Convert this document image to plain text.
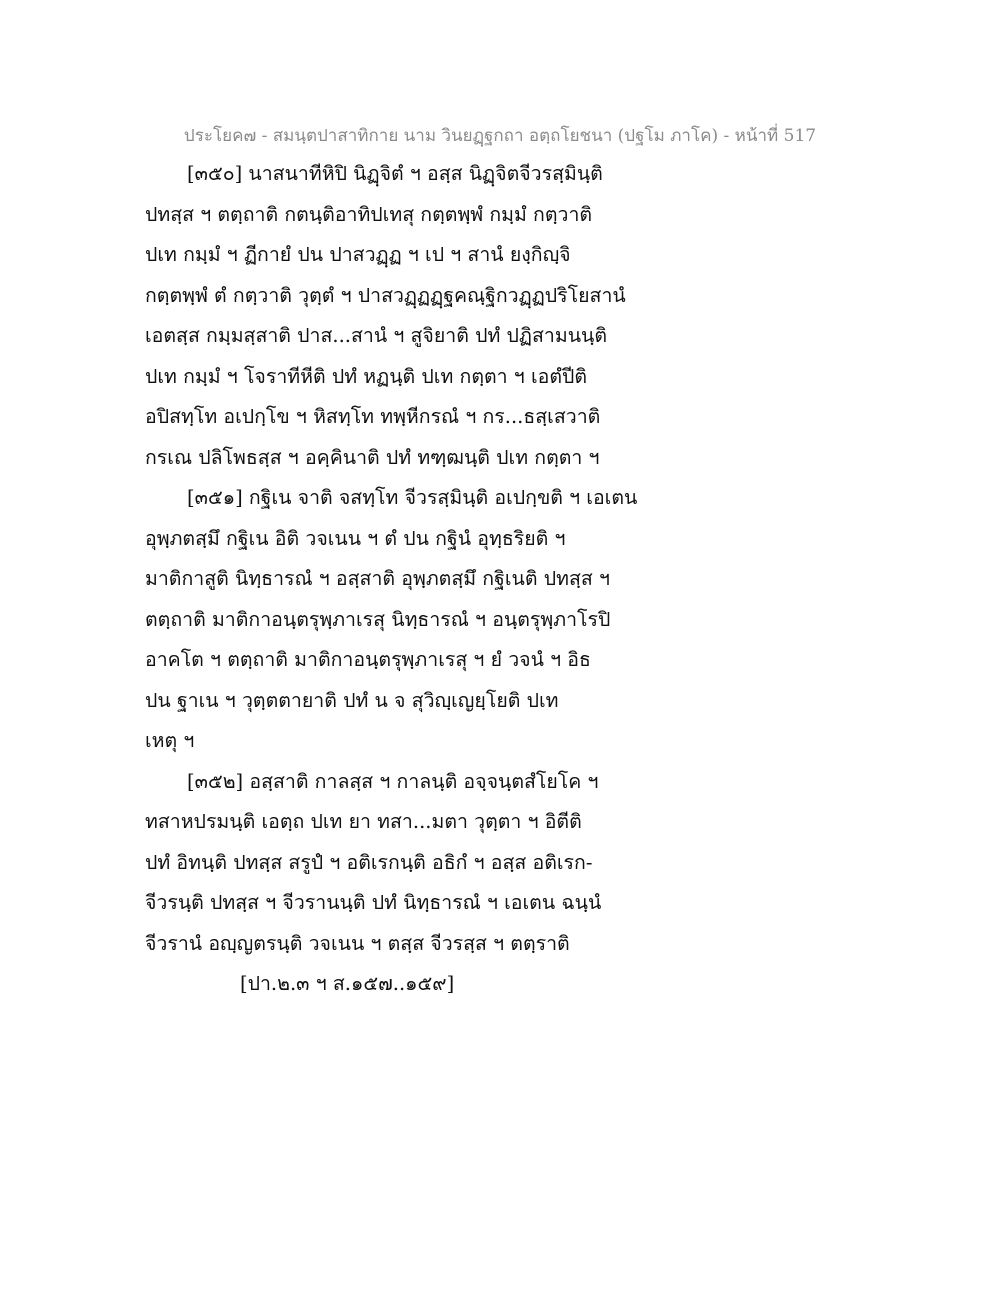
ประโยค๗ - สมนฺตปาสาทิกาย นาม วินยฏฺฐกถา อตฺถโยชนา (ปฐโม ภาโค) - หน้าที่ 517
[๓๕๐] นาสนาทีหิปิ นิฏฺจิตํ ฯ อสฺส นิฏฺจิตจีวรสฺมินฺติ
ปทสฺส ฯ ตตฺถาติ กตนฺติอาทิปเทสุ กตฺตพฺพํ กมฺมํ กตฺวาติ
ปเท กมฺมํ ฯ ฏีกายํ ปน ปาสวฏฺฏ ฯ เป ฯ สานํ ยงฺกิญฺจิ
กตฺตพฺพํ ตํ กตฺวาติ วุตฺตํ ฯ ปาสวฏฺฏฏฺฐคณฺฐิกวฏฺฏปริโยสานํ
เอตสฺส กมฺมสฺสาติ ปาส...สานํ ฯ สูจิยาติ ปทํ ปฏิสามนนฺติ
ปเท กมฺมํ ฯ โจราทีหีติ ปทํ หฏนฺติ ปเท กตฺตา ฯ เอตํปีติ
อปิสทฺโท อเปกฺโข ฯ หิสทฺโท ทพฺหีกรณํ ฯ กร...ธสฺเสวาติ
กรเณ ปลิโพธสฺส ฯ อคฺคินาติ ปทํ ทฑฺฒนฺติ ปเท กตฺตา ฯ
[๓๕๑] กฐิเน จาติ จสทฺโท จีวรสฺมินฺติ อเปกฺขติ ฯ เอเตน
อุพฺภตสฺมึ กฐิเน อิติ วจเนน ฯ ตํ ปน กฐินํ อุทฺธริยติ ฯ
มาติกาสูติ นิทฺธารณํ ฯ อสฺสาติ อุพฺภตสฺมึ กฐิเนติ ปทสฺส ฯ
ตตฺถาติ มาติกาอนฺตรุพฺภาเรสุ นิทฺธารณํ ฯ อนฺตรุพฺภาโรปิ
อาคโต ฯ ตตฺถาติ มาติกาอนฺตรุพฺภาเรสุ ฯ ยํ วจนํ ฯ อิธ
ปน ฐาเน ฯ วุตฺตตายาติ ปทํ น จ สุวิญฺเญยฺโยติ ปเท
เหตุ ฯ
[๓๕๒] อสฺสาติ กาลสฺส ฯ กาลนฺติ อจฺจนฺตสํโยโค ฯ
ทสาหปรมนฺติ เอตฺถ ปเท ยา ทสา...มตา วุตฺตา ฯ อิตีติ
ปทํ อิทนฺติ ปทสฺส สรูปํ ฯ อติเรกนฺติ อธิกํ ฯ อสฺส อติเรก-
จีวรนฺติ ปทสฺส ฯ จีวรานนฺติ ปทํ นิทฺธารณํ ฯ เอเตน ฉนฺนํ
จีวรานํ อญฺญตรนฺติ วจเนน ฯ ตสฺส จีวรสฺส ฯ ตตฺราติ
[ปา.๒.๓ ฯ ส.๑๕๗..๑๕๙]
